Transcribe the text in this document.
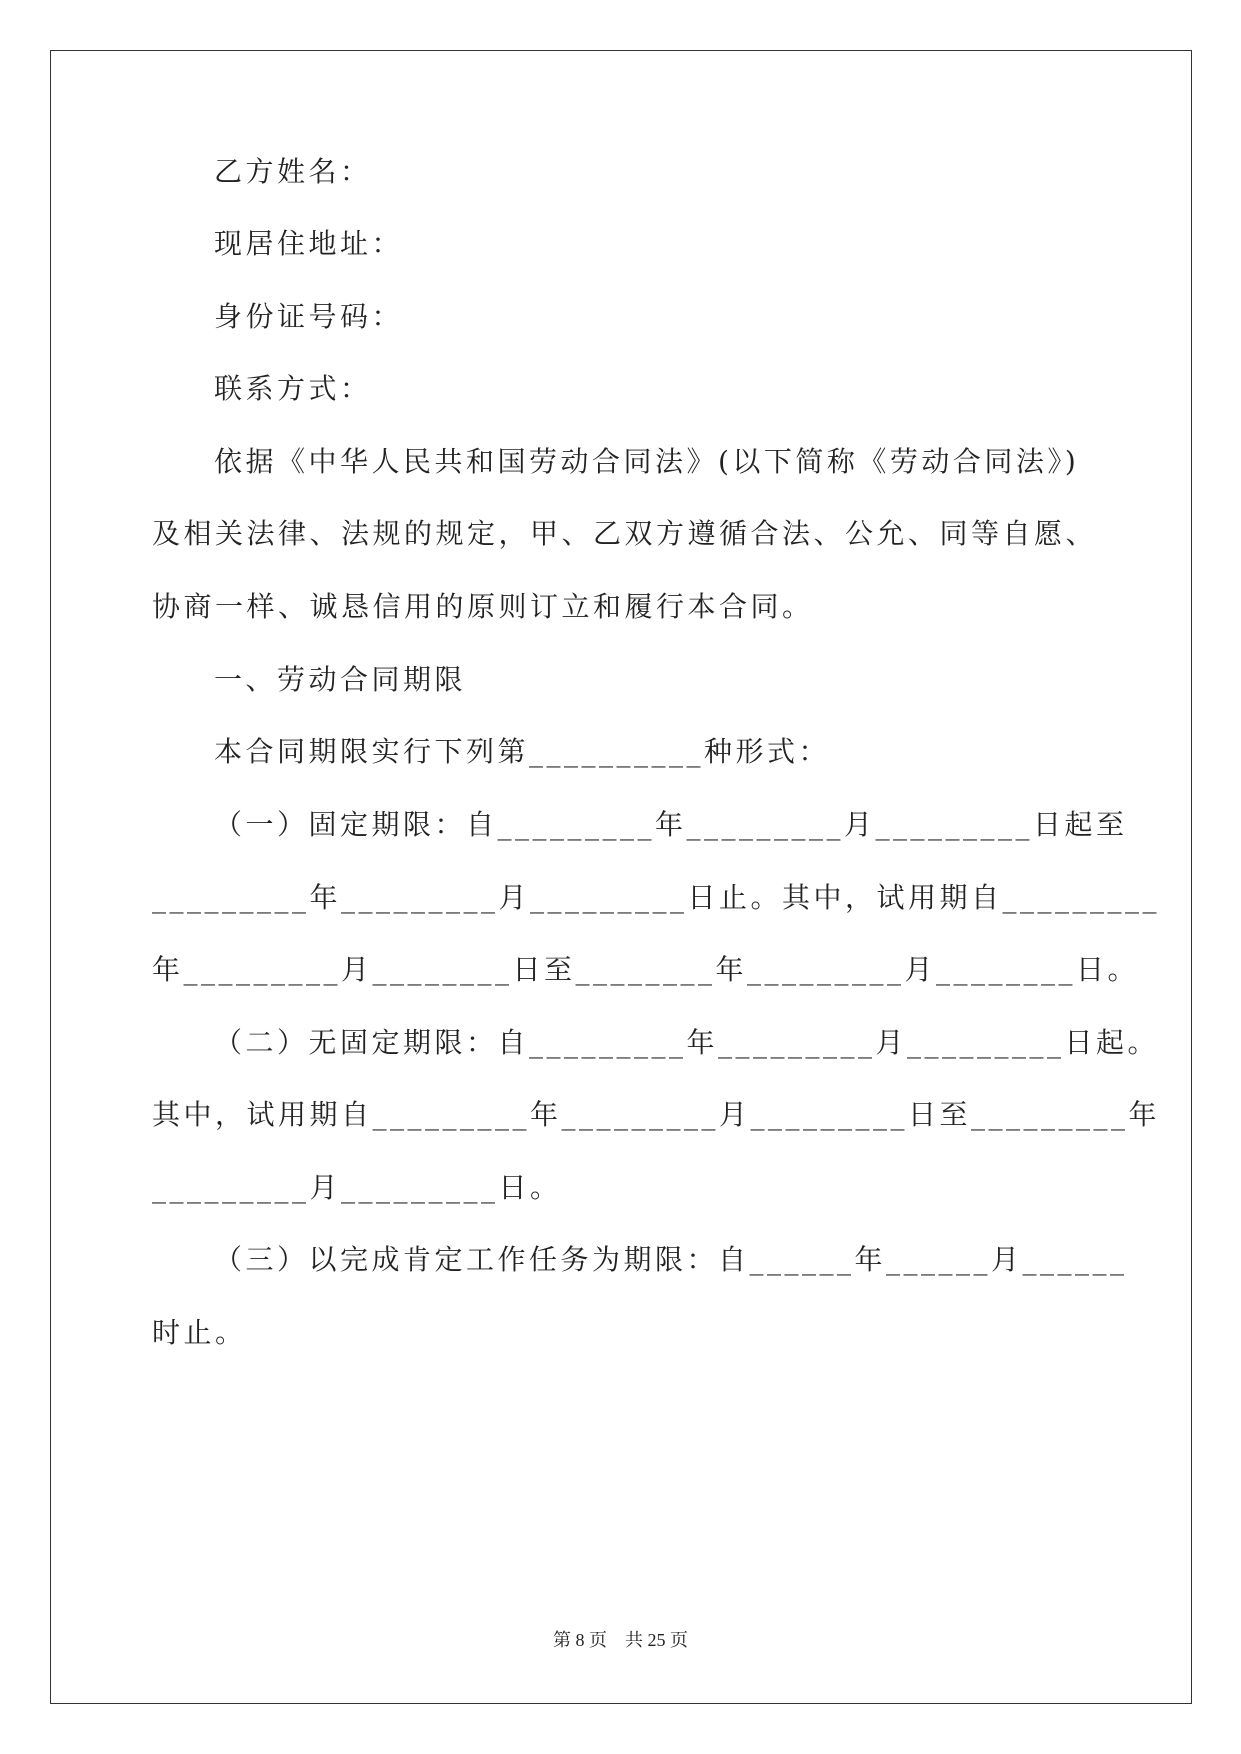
乙方姓名：
现居住地址：
身份证号码：
联系方式：
依据《中华人民共和国劳动合同法》(以下简称《劳动合同法》)
及相关法律、法规的规定，甲、乙双方遵循合法、公允、同等自愿、
协商一样、诚恳信用的原则订立和履行本合同。
一、劳动合同期限
本合同期限实行下列第__________种形式：
（一）固定期限：自_________年_________月_________日起至
_________年_________月_________日止。其中，试用期自_________
年_________月________日至________年_________月________日。
（二）无固定期限：自_________年_________月_________日起。
其中，试用期自_________年_________月_________日至_________年
_________月_________日。
（三）以完成肯定工作任务为期限：自______年______月______
时止。
第 8 页　共 25 页
